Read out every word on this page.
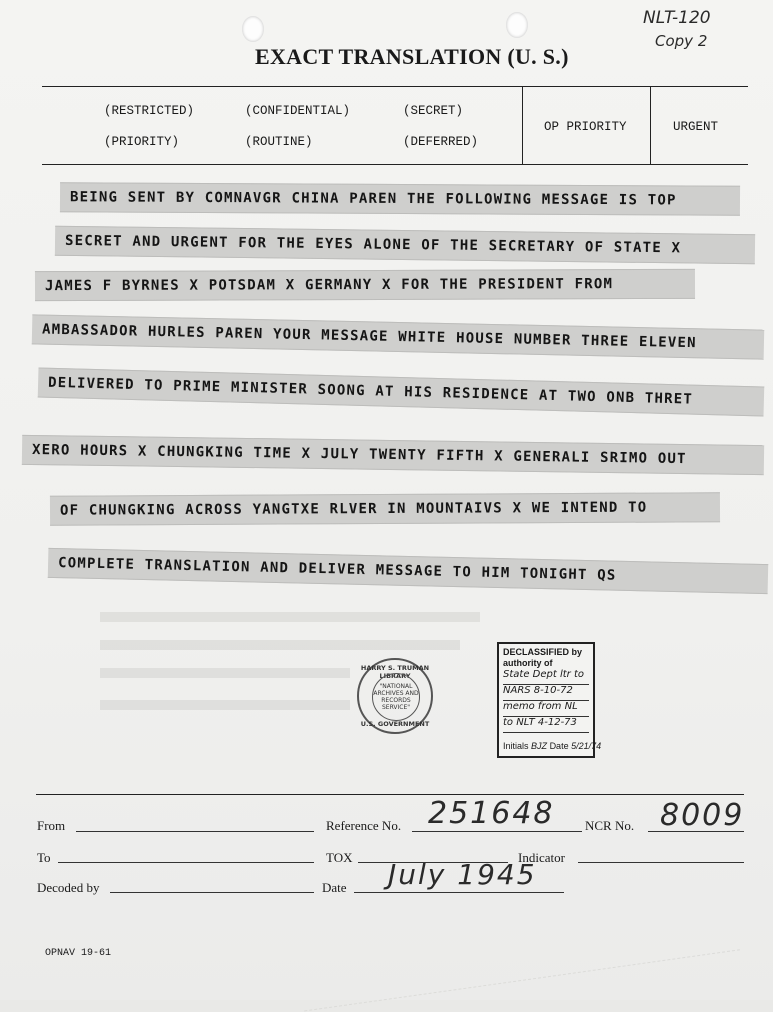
EXACT TRANSLATION (U. S.)
NLT-120
Copy 2
(RESTRICTED)	(CONFIDENTIAL)	(SECRET)
(PRIORITY)	(ROUTINE)	(DEFERRED)
OP PRIORITY	URGENT
BEING SENT BY COMNAVGR CHINA PAREN THE FOLLOWING MESSAGE IS TOP
SECRET AND URGENT FOR THE EYES ALONE OF THE SECRETARY OF STATE X
JAMES F BYRNES X POTSDAM X GERMANY X FOR THE PRESIDENT FROM
AMBASSADOR HURLES PAREN YOUR MESSAGE WHITE HOUSE NUMBER THREE ELEVEN
DELIVERED TO PRIME MINISTER SOONG AT HIS RESIDENCE AT TWO ONB THRET
XERO HOURS X CHUNGKING TIME X JULY TWENTY FIFTH X GENERALI SRIMO OUT
OF CHUNGKING ACROSS YANGTXE RLVER IN MOUNTAIVS X WE INTEND TO
COMPLETE TRANSLATION AND DELIVER MESSAGE TO HIM TONIGHT QS
HARRY S. TRUMAN LIBRARY
"NATIONAL ARCHIVES AND RECORDS SERVICE"
U.S. GOVERNMENT
DECLASSIFIED by authority of
State Dept ltr to
NARS 8-10-72
memo from NL
to NLT 4-12-73
Initials BJZ Date 5/21/74
From	Reference No. 251648 NCR No. 8009
To	TOX	Indicator
Decoded by	Date July 1945
OPNAV 19-61
